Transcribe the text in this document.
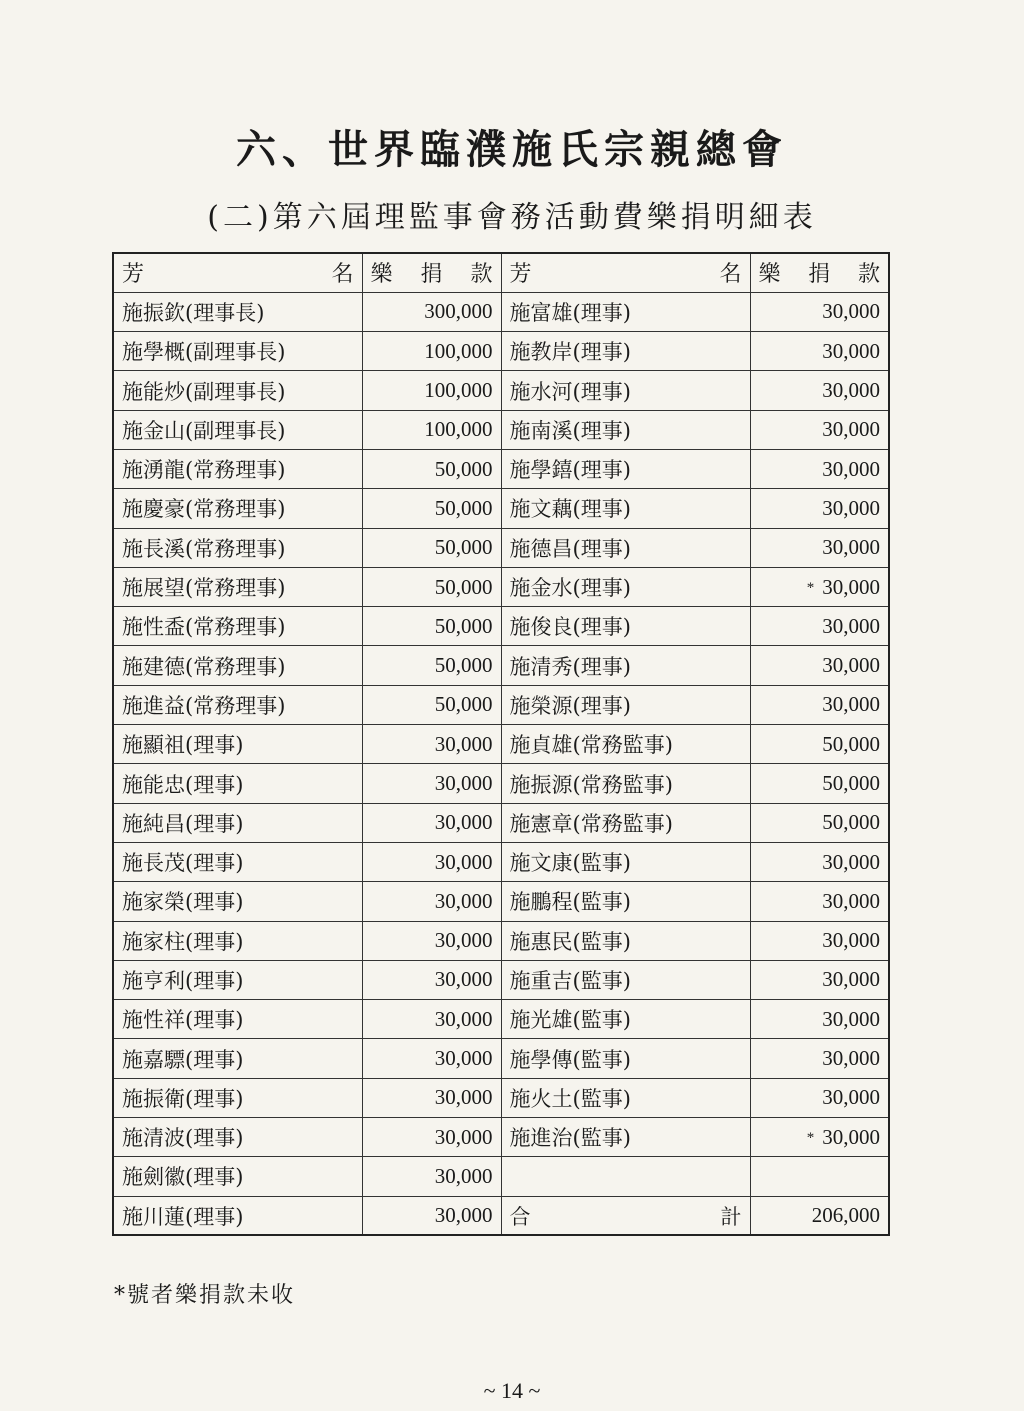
六、世界臨濮施氏宗親總會
(二)第六屆理監事會務活動費樂捐明細表
芳 名	樂 捐 款	芳 名	樂 捐 款
施振欽(理事長)	300,000	施富雄(理事)	30,000
施學概(副理事長)	100,000	施教岸(理事)	30,000
施能炒(副理事長)	100,000	施水河(理事)	30,000
施金山(副理事長)	100,000	施南溪(理事)	30,000
施湧龍(常務理事)	50,000	施學𨭎(理事)	30,000
施慶豪(常務理事)	50,000	施文藕(理事)	30,000
施長溪(常務理事)	50,000	施德昌(理事)	30,000
施展望(常務理事)	50,000	施金水(理事)	* 30,000
施性盉(常務理事)	50,000	施俊良(理事)	30,000
施建德(常務理事)	50,000	施清秀(理事)	30,000
施進益(常務理事)	50,000	施榮源(理事)	30,000
施顯祖(理事)	30,000	施貞雄(常務監事)	50,000
施能忠(理事)	30,000	施振源(常務監事)	50,000
施純昌(理事)	30,000	施憲章(常務監事)	50,000
施長茂(理事)	30,000	施文康(監事)	30,000
施家榮(理事)	30,000	施鵬程(監事)	30,000
施家柱(理事)	30,000	施惠民(監事)	30,000
施亨利(理事)	30,000	施重吉(監事)	30,000
施性祥(理事)	30,000	施光雄(監事)	30,000
施嘉驃(理事)	30,000	施學傳(監事)	30,000
施振衛(理事)	30,000	施火土(監事)	30,000
施清波(理事)	30,000	施進治(監事)	* 30,000
施劍徽(理事)	30,000		
施川蓮(理事)	30,000	合 計	206,000
*號者樂捐款未收
~ 14 ~
